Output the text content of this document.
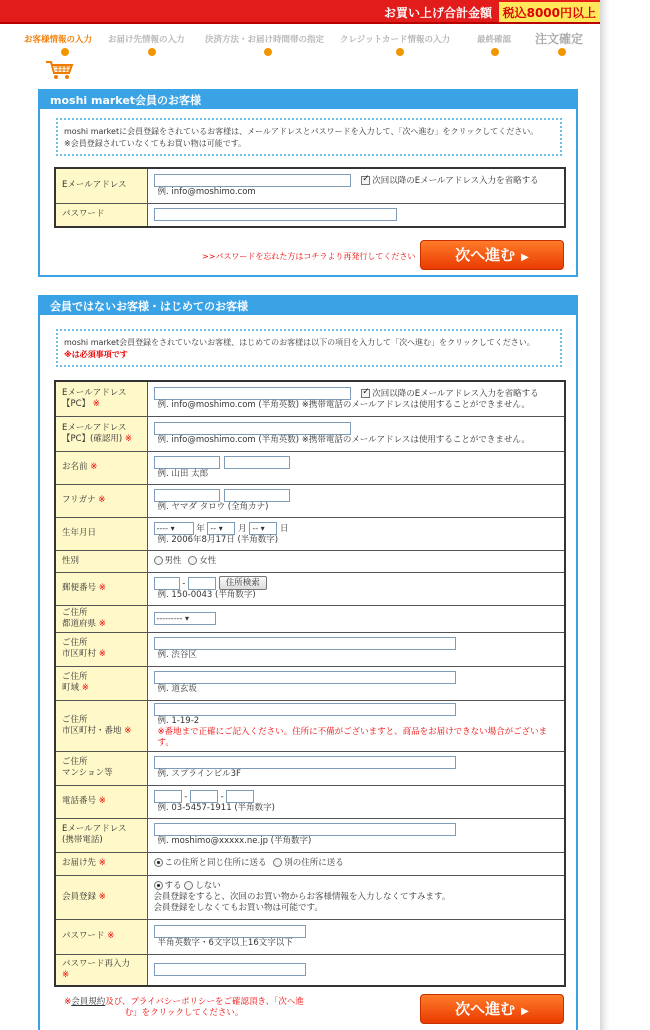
お買い上げ合計金額 税込8000円以上
お客様情報の入力 お届け先情報の入力 決済方法・お届け時間帯の指定 クレジットカード情報の入力	最終確認 注文確定
moshi market会員のお客様
moshi marketに会員登録をされているお客様は、メールアドレスとパスワードを入力して、「次へ進む」をクリックしてください。
※会員登録されていなくてもお買い物は可能です。
Eメールアドレス	✓次回以降のEメールアドレス入力を省略する
例. info@moshimo.com

パスワード	
>>パスワードを忘れた方はコチラより再発行してください	次へ進む ▶
会員ではないお客様・はじめてのお客様
moshi market会員登録をされていないお客様、はじめてのお客様は以下の項目を入力して「次へ進む」をクリックしてください。
※は必須事項です
Eメールアドレス
【PC】 ※	✓次回以降のEメールアドレス入力を省略する
例. info@moshimo.com (半角英数) ※携帯電話のメールアドレスは使用することができません。

Eメールアドレス
【PC】(確認用) ※	例. info@moshimo.com (半角英数) ※携帯電話のメールアドレスは使用することができません。

お名前 ※	例. 山田 太郎

フリガナ ※	例. ヤマダ タロウ (全角カナ)

生年月日	---- ▾ 年 -- ▾ 月 -- ▾ 日
例. 2006年8月17日 (半角数字)

性別	男性 女性
郵便番号 ※	- 住所検索
例. 150-0043 (半角数字)

ご住所
都道府県 ※	--------- ▾
ご住所
市区町村 ※	例. 渋谷区

ご住所
町域 ※	例. 道玄坂

ご住所
市区町村・番地 ※	例. 1-19-2
※番地まで正確にご記入ください。住所に不備がございますと、商品をお届けできない場合がございます。

ご住所
マンション等	例. スプラインビル3F

電話番号 ※	- -
例. 03-5457-1911 (半角数字)

Eメールアドレス
(携帯電話)	例. moshimo@xxxxx.ne.jp (半角数字)

お届け先 ※	この住所と同じ住所に送る 別の住所に送る
会員登録 ※	する しない
会員登録をすると、次回のお買い物からお客様情報を入力しなくてすみます。
会員登録をしなくてもお買い物は可能です。
パスワード ※	半角英数字・6文字以上16文字以下

パスワード再入力
※	
※会員規約及び、プライバシーポリシーをご確認頂き、「次へ進む」をクリックしてください。	次へ進む ▶
